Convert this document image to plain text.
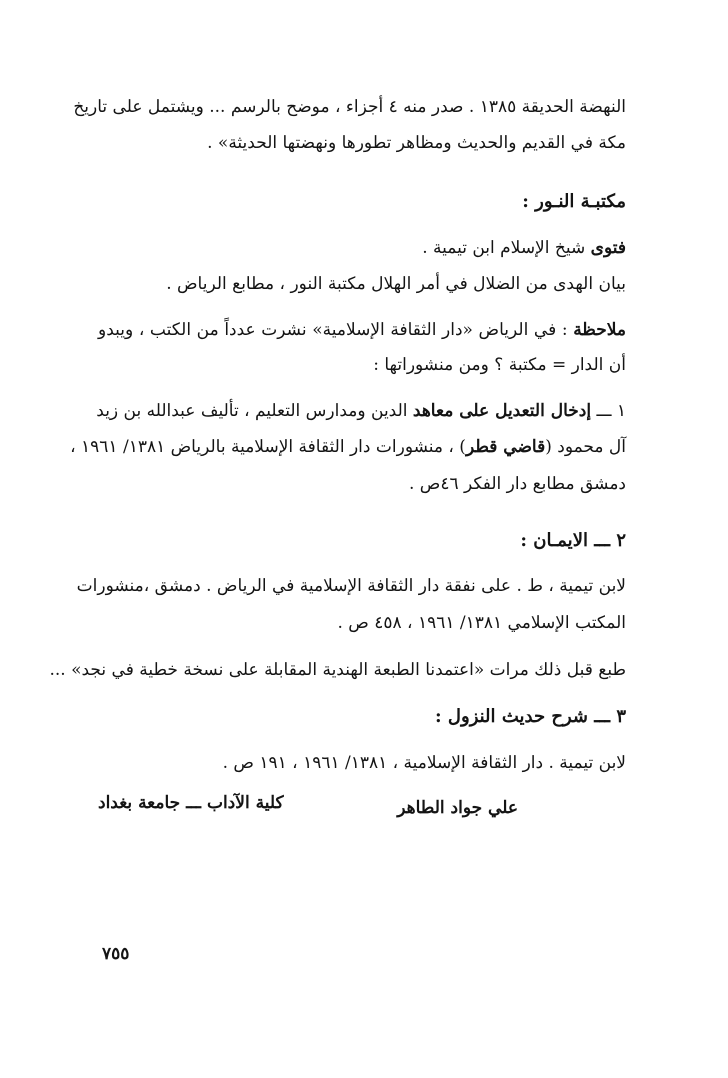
النهضة الحديقة ١٣٨٥ . صدر منه ٤ أجزاء ، موضح بالرسم ... ويشتمل على تاريخ
مكة في القديم والحديث ومظاهر تطورها ونهضتها الحديثة» .
مكتبـة النـور :
فتوى شيخ الإسلام ابن تيمية .
بيان الهدى من الضلال في أمر الهلال مكتبة النور ، مطابع الرياض .
ملاحظة : في الرياض «دار الثقافة الإسلامية» نشرت عدداً من الكتب ، ويبدو
أن الدار = مكتبة ؟ ومن منشوراتها :
١ ـــ إدخال التعديل على معاهد الدين ومدارس التعليم ، تأليف عبدالله بن زيد
آل محمود (قاضي قطر) ، منشورات دار الثقافة الإسلامية بالرياض ١٣٨١/ ١٩٦١ ،
دمشق مطابع دار الفكر ٤٦ص .
٢ ـــ الايمـان :
لابن تيمية ، ط . على نفقة دار الثقافة الإسلامية في الرياض . دمشق ،منشورات
المكتب الإسلامي ١٣٨١/ ١٩٦١ ، ٤٥٨ ص .
طبع قبل ذلك مرات «اعتمدنا الطبعة الهندية المقابلة على نسخة خطية في نجد» ...
٣ ـــ شرح حديث النزول :
لابن تيمية . دار الثقافة الإسلامية ، ١٣٨١/ ١٩٦١ ، ١٩١ ص .
علي جواد الطاهر
كلية الآداب ـــ جامعة بغداد
٧٥٥
